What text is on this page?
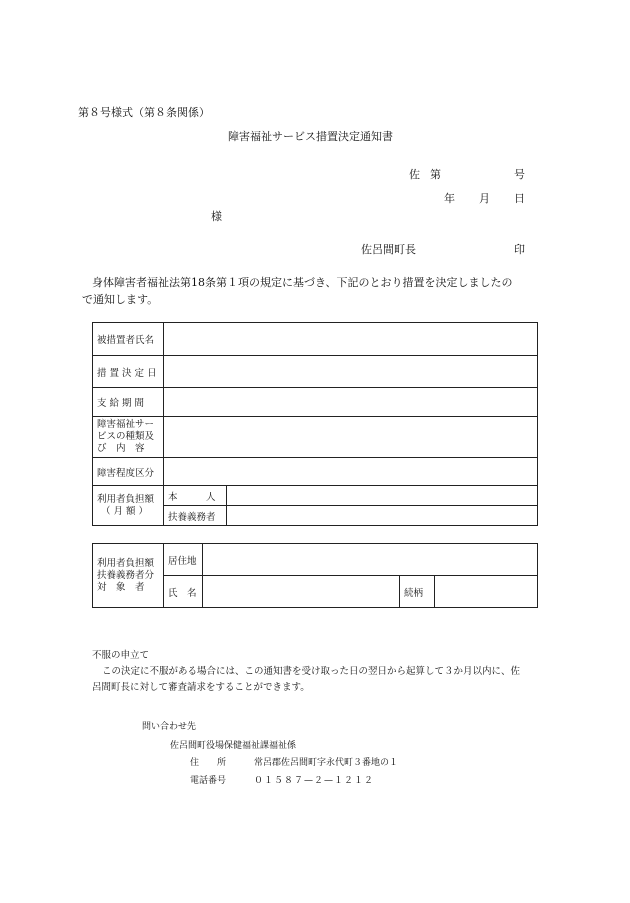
第８号様式（第８条関係）
障害福祉サービス措置決定通知書
佐 第	号
年 月 日
様
佐呂間町長	印
身体障害者福祉法第18条第１項の規定に基づき、下記のとおり措置を決定しましたの
で通知します。
被措置者氏名		
措 置 決 定 日		
支 給 期 間		

障害福祉サー
ビスの種類及
び　内　容		

障害程度区分		

利用者負担額
（ 月 額 ）	本　　　人	
	扶養義務者	
利用者負担額
扶養義務者分
対　象　者	居住地			
	氏　名		続柄	
不服の申立て
この決定に不服がある場合には、この通知書を受け取った日の翌日から起算して３か月以内に、佐
呂間町長に対して審査請求をすることができます。
問い合わせ先
佐呂間町役場保健福祉課福祉係
住　　所	常呂郡佐呂間町字永代町３番地の１
電話番号	０１５８７—２—１２１２
